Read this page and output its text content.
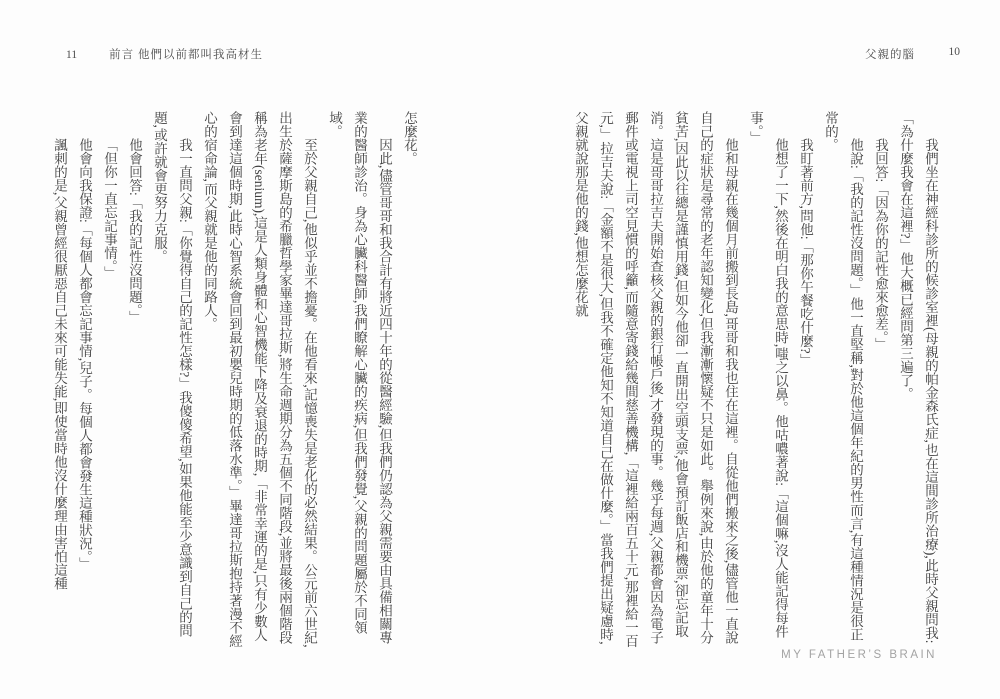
11	前言 他們以前都叫我高材生

怎麼花。

因此,儘管哥哥和我合計有將近四十年的從醫經驗,但我們仍認為父親需要由具備相關專業的醫師診治。身為心臟科醫師,我們瞭解心臟的疾病,但我們發覺,父親的問題屬於不同領域。

至於父親自己,他似乎並不擔憂。在他看來,記憶喪失是老化的必然結果。公元前六世紀,出生於薩摩斯島的希臘哲學家畢達哥拉斯,將生命週期分為五個不同階段,並將最後兩個階段稱為老年(senium),這是人類身體和心智機能下降及衰退的時期,「非常幸運的是,只有少數人會到達這個時期,此時心智系統會回到最初嬰兒時期的低落水準。」畢達哥拉斯抱持著漫不經心的宿命論,而父親就是他的同路人。

我一直問父親:「你覺得自己的記性怎樣?」我傻傻希望,如果他能至少意識到自己的問題,或許就會更努力克服。

他會回答:「我的記性沒問題。」

「但你一直忘記事情。」

他會向我保證:「每個人都會忘記事情,兒子。每個人都會發生這種狀況。」

諷刺的是,父親曾經很厭惡自己未來可能失能,即使當時他沒什麼理由害怕這種

父親的腦	10

我們坐在神經科診所的候診室裡(母親的帕金森氏症,也在這間診所治療),此時父親問我:「為什麼我會在這裡?」他大概已經問第三遍了。

我回答:「因為你的記性愈來愈差。」

他說:「我的記性沒問題。」他一直堅稱,對於他這個年紀的男性而言,有這種情況是很正常的。

我盯著前方,問他:「那你午餐吃什麼?」

他想了一下,然後在明白我的意思時,嗤之以鼻。他咕噥著說:「這個嘛,沒人能記得每件事。」

他和母親在幾個月前搬到長島,哥哥和我也住在這裡。自從他們搬來之後,儘管他一直說自己的症狀是尋常的老年認知變化,但我漸漸懷疑不只是如此。舉例來說,由於他的童年十分貧苦,因此以往總是謹慎用錢,但如今他卻一直開出空頭支票,他會預訂飯店和機票,卻忘記取消。這是哥哥拉吉夫開始查核父親的銀行帳戶後,才發現的事。幾乎每週,父親都會因為電子郵件或電視上司空見慣的呼籲,而隨意寄錢給幾間慈善機構,「這裡給兩百五十元,那裡給一百元,」拉吉夫說:「金額不是很大,但我不確定他知不知道自己在做什麼。」當我們提出疑慮時,父親就說那是他的錢,他想怎麼花就

MY FATHER’S BRAIN
